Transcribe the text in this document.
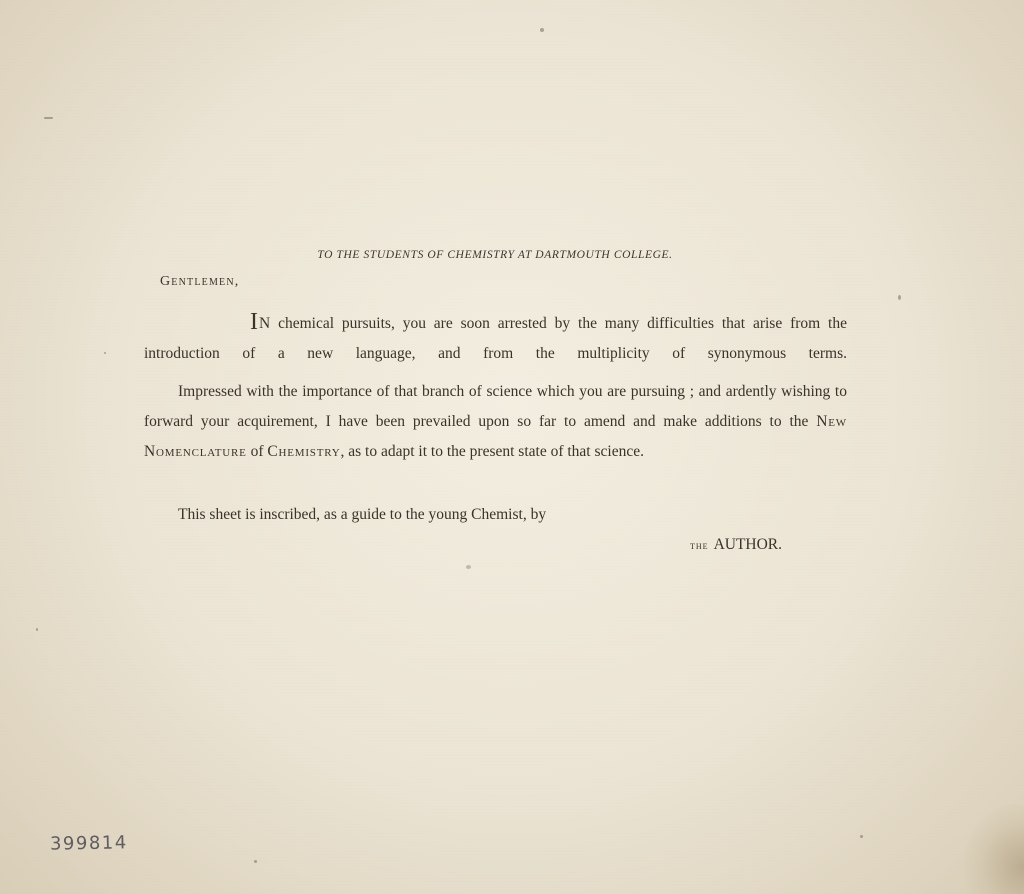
TO THE STUDENTS OF CHEMISTRY AT DARTMOUTH COLLEGE.
Gentlemen,
IN chemical pursuits, you are soon arrested by the many difficulties that arise from the introduction of a new language, and from the multiplicity of synonymous terms.
Impressed with the importance of that branch of science which you are pursuing ; and ardently wishing to forward your acquirement, I have been prevailed upon so far to amend and make additions to the New Nomenclature of Chemistry, as to adapt it to the present state of that science.
This sheet is inscribed, as a guide to the young Chemist, by
the AUTHOR.
399814
